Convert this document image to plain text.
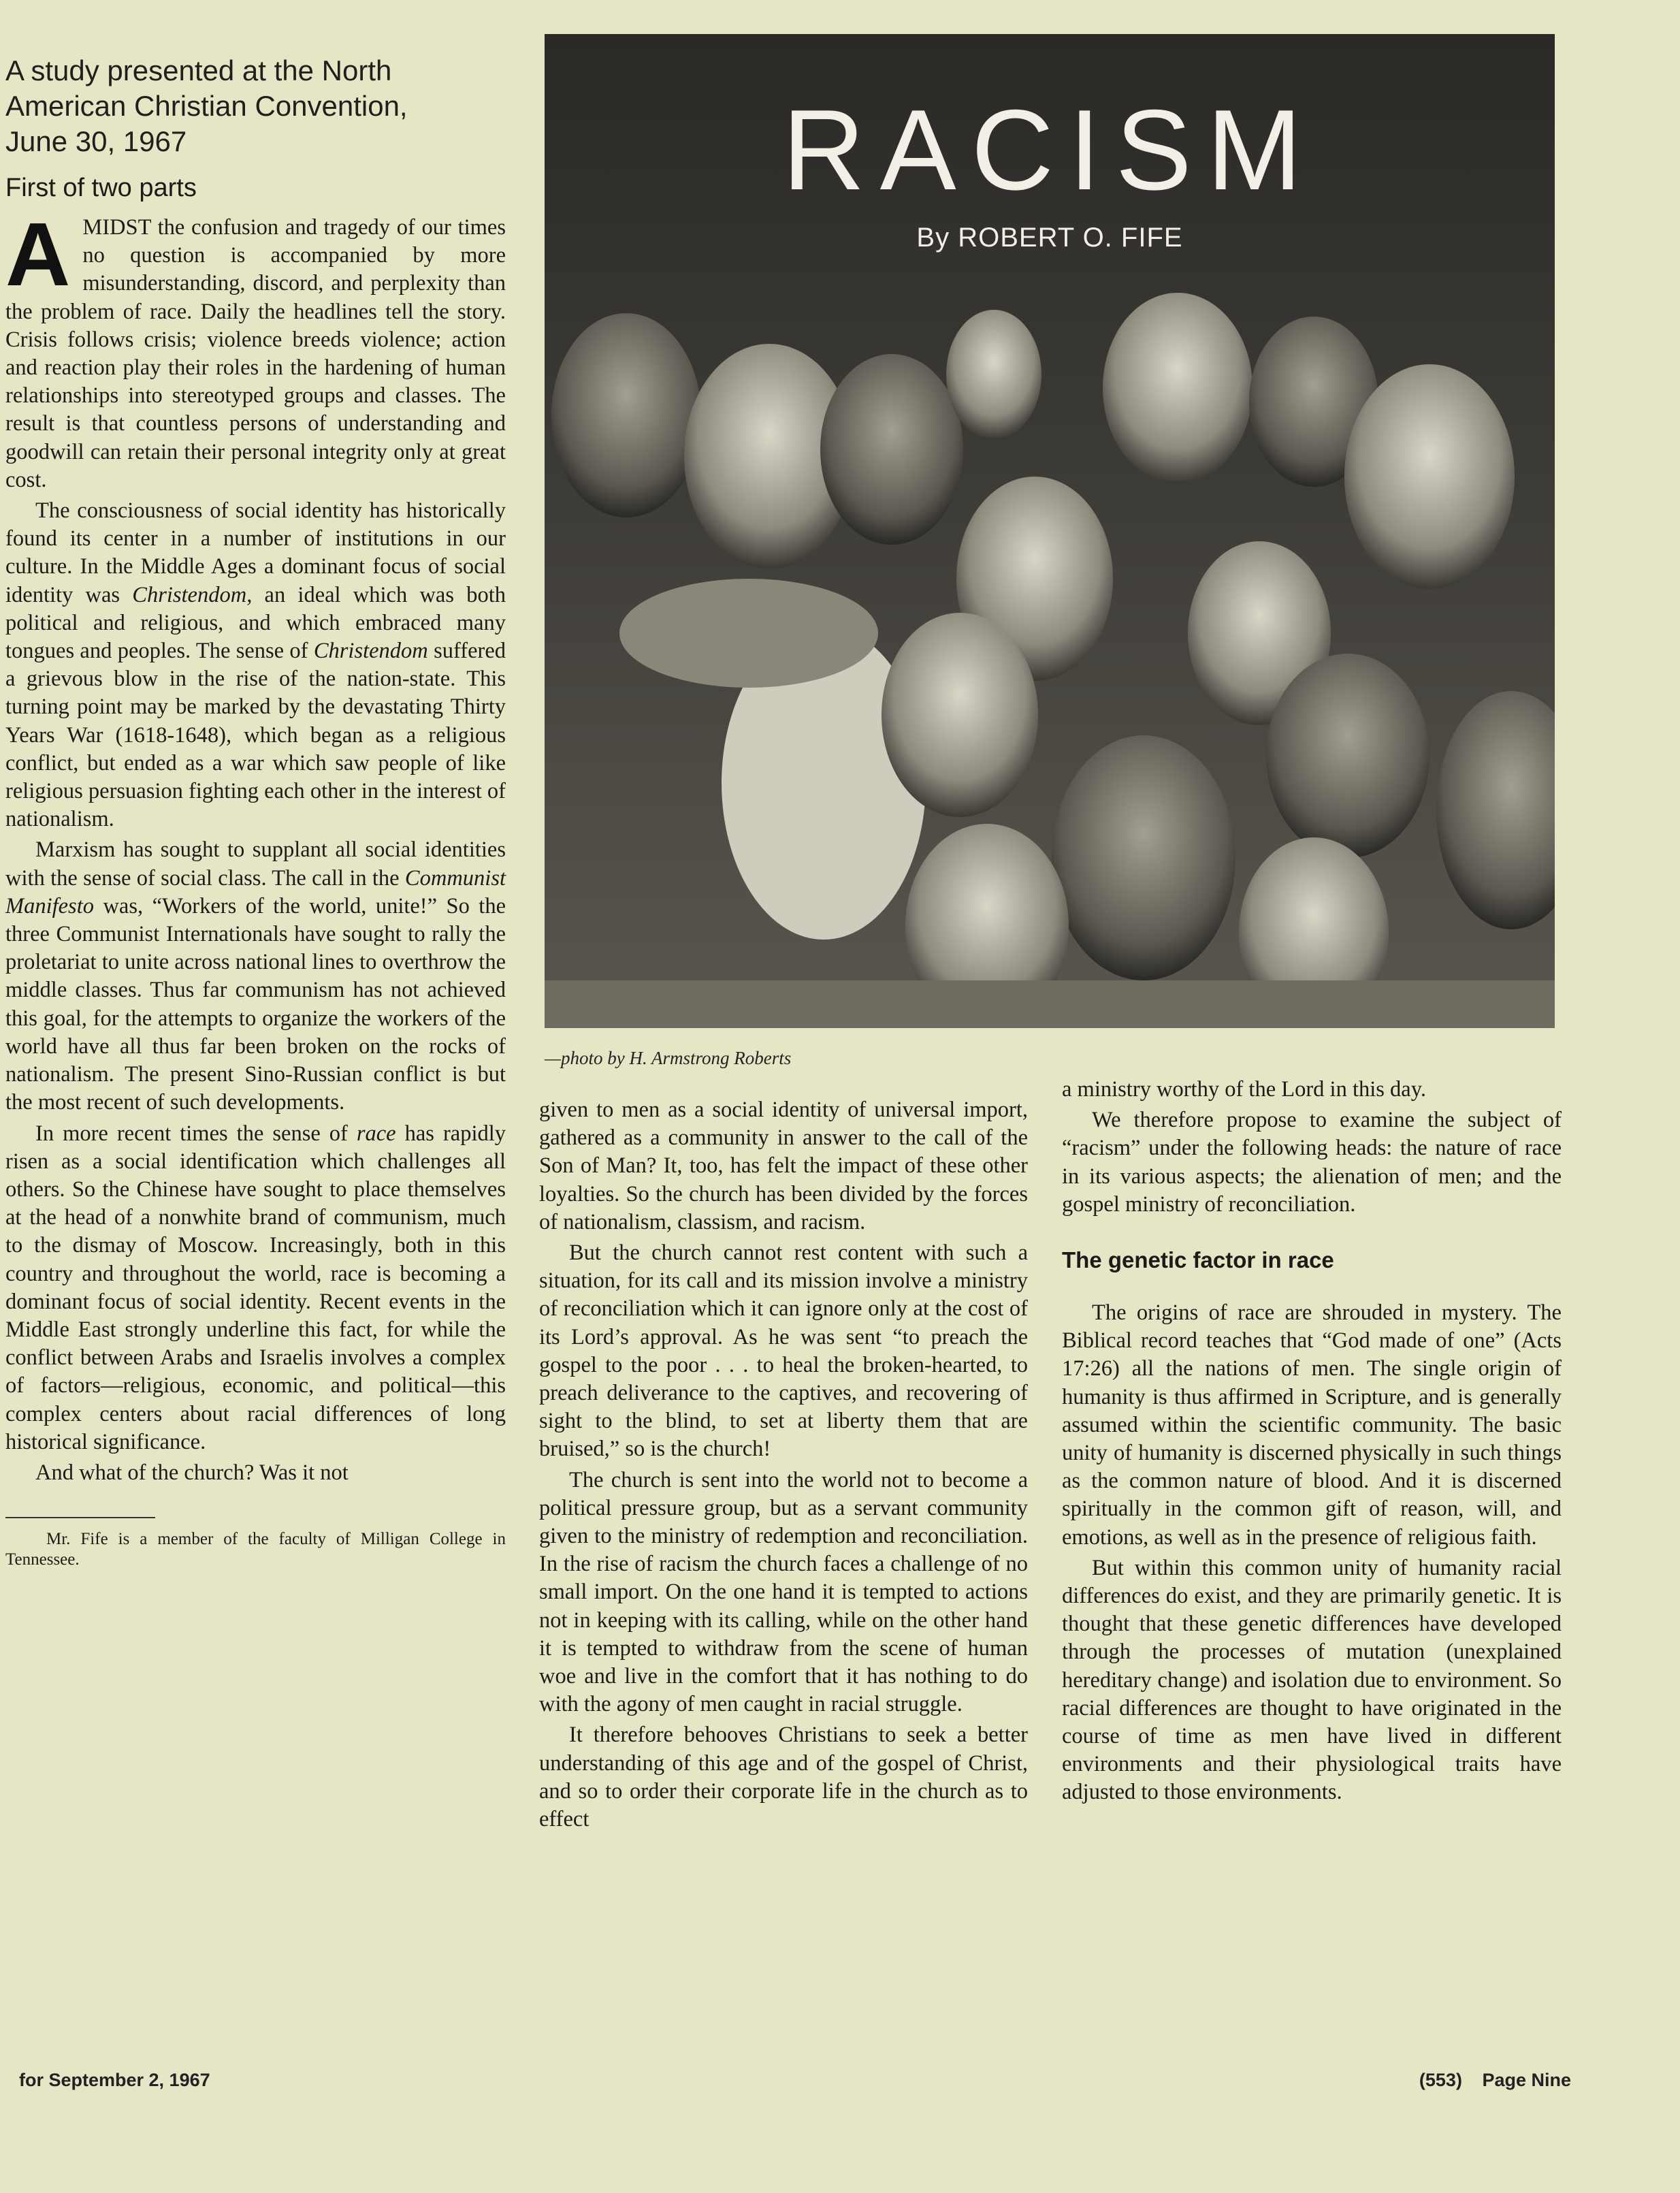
A study presented at the North
American Christian Convention,
June 30, 1967
First of two parts
A MIDST the confusion and tragedy of our times no question is accompanied by more misunderstanding, discord, and perplexity than the problem of race. Daily the headlines tell the story. Crisis follows crisis; violence breeds violence; action and reaction play their roles in the hardening of human relationships into stereotyped groups and classes. The result is that countless persons of understanding and goodwill can retain their personal integrity only at great cost.

The consciousness of social identity has historically found its center in a number of institutions in our culture. In the Middle Ages a dominant focus of social identity was Christendom, an ideal which was both political and religious, and which embraced many tongues and peoples. The sense of Christendom suffered a grievous blow in the rise of the nation-state. This turning point may be marked by the devastating Thirty Years War (1618-1648), which began as a religious conflict, but ended as a war which saw people of like religious persuasion fighting each other in the interest of nationalism.

Marxism has sought to supplant all social identities with the sense of social class. The call in the Communist Manifesto was, “Workers of the world, unite!” So the three Communist Internationals have sought to rally the proletariat to unite across national lines to overthrow the middle classes. Thus far communism has not achieved this goal, for the attempts to organize the workers of the world have all thus far been broken on the rocks of nationalism. The present Sino-Russian conflict is but the most recent of such developments.

In more recent times the sense of race has rapidly risen as a social identification which challenges all others. So the Chinese have sought to place themselves at the head of a nonwhite brand of communism, much to the dismay of Moscow. Increasingly, both in this country and throughout the world, race is becoming a dominant focus of social identity. Recent events in the Middle East strongly underline this fact, for while the conflict between Arabs and Israelis involves a complex of factors—religious, economic, and political—this complex centers about racial differences of long historical significance.

And what of the church? Was it not

Mr. Fife is a member of the faculty of Milligan College in Tennessee.
RACISM
By ROBERT O. FIFE
—photo by H. Armstrong Roberts

given to men as a social identity of universal import, gathered as a community in answer to the call of the Son of Man? It, too, has felt the impact of these other loyalties. So the church has been divided by the forces of nationalism, classism, and racism.

But the church cannot rest content with such a situation, for its call and its mission involve a ministry of reconciliation which it can ignore only at the cost of its Lord’s approval. As he was sent “to preach the gospel to the poor . . . to heal the broken-hearted, to preach deliverance to the captives, and recovering of sight to the blind, to set at liberty them that are bruised,” so is the church!

The church is sent into the world not to become a political pressure group, but as a servant community given to the ministry of redemption and reconciliation. In the rise of racism the church faces a challenge of no small import. On the one hand it is tempted to actions not in keeping with its calling, while on the other hand it is tempted to withdraw from the scene of human woe and live in the comfort that it has nothing to do with the agony of men caught in racial struggle.

It therefore behooves Christians to seek a better understanding of this age and of the gospel of Christ, and so to order their corporate life in the church as to effect

a ministry worthy of the Lord in this day.

We therefore propose to examine the subject of “racism” under the following heads: the nature of race in its various aspects; the alienation of men; and the gospel ministry of reconciliation.

The genetic factor in race

The origins of race are shrouded in mystery. The Biblical record teaches that “God made of one” (Acts 17:26) all the nations of men. The single origin of humanity is thus affirmed in Scripture, and is generally assumed within the scientific community. The basic unity of humanity is discerned physically in such things as the common nature of blood. And it is discerned spiritually in the common gift of reason, will, and emotions, as well as in the presence of religious faith.

But within this common unity of humanity racial differences do exist, and they are primarily genetic. It is thought that these genetic differences have developed through the processes of mutation (unexplained hereditary change) and isolation due to environment. So racial differences are thought to have originated in the course of time as men have lived in different environments and their physiological traits have adjusted to those environments.

for September 2, 1967	(553) Page Nine
